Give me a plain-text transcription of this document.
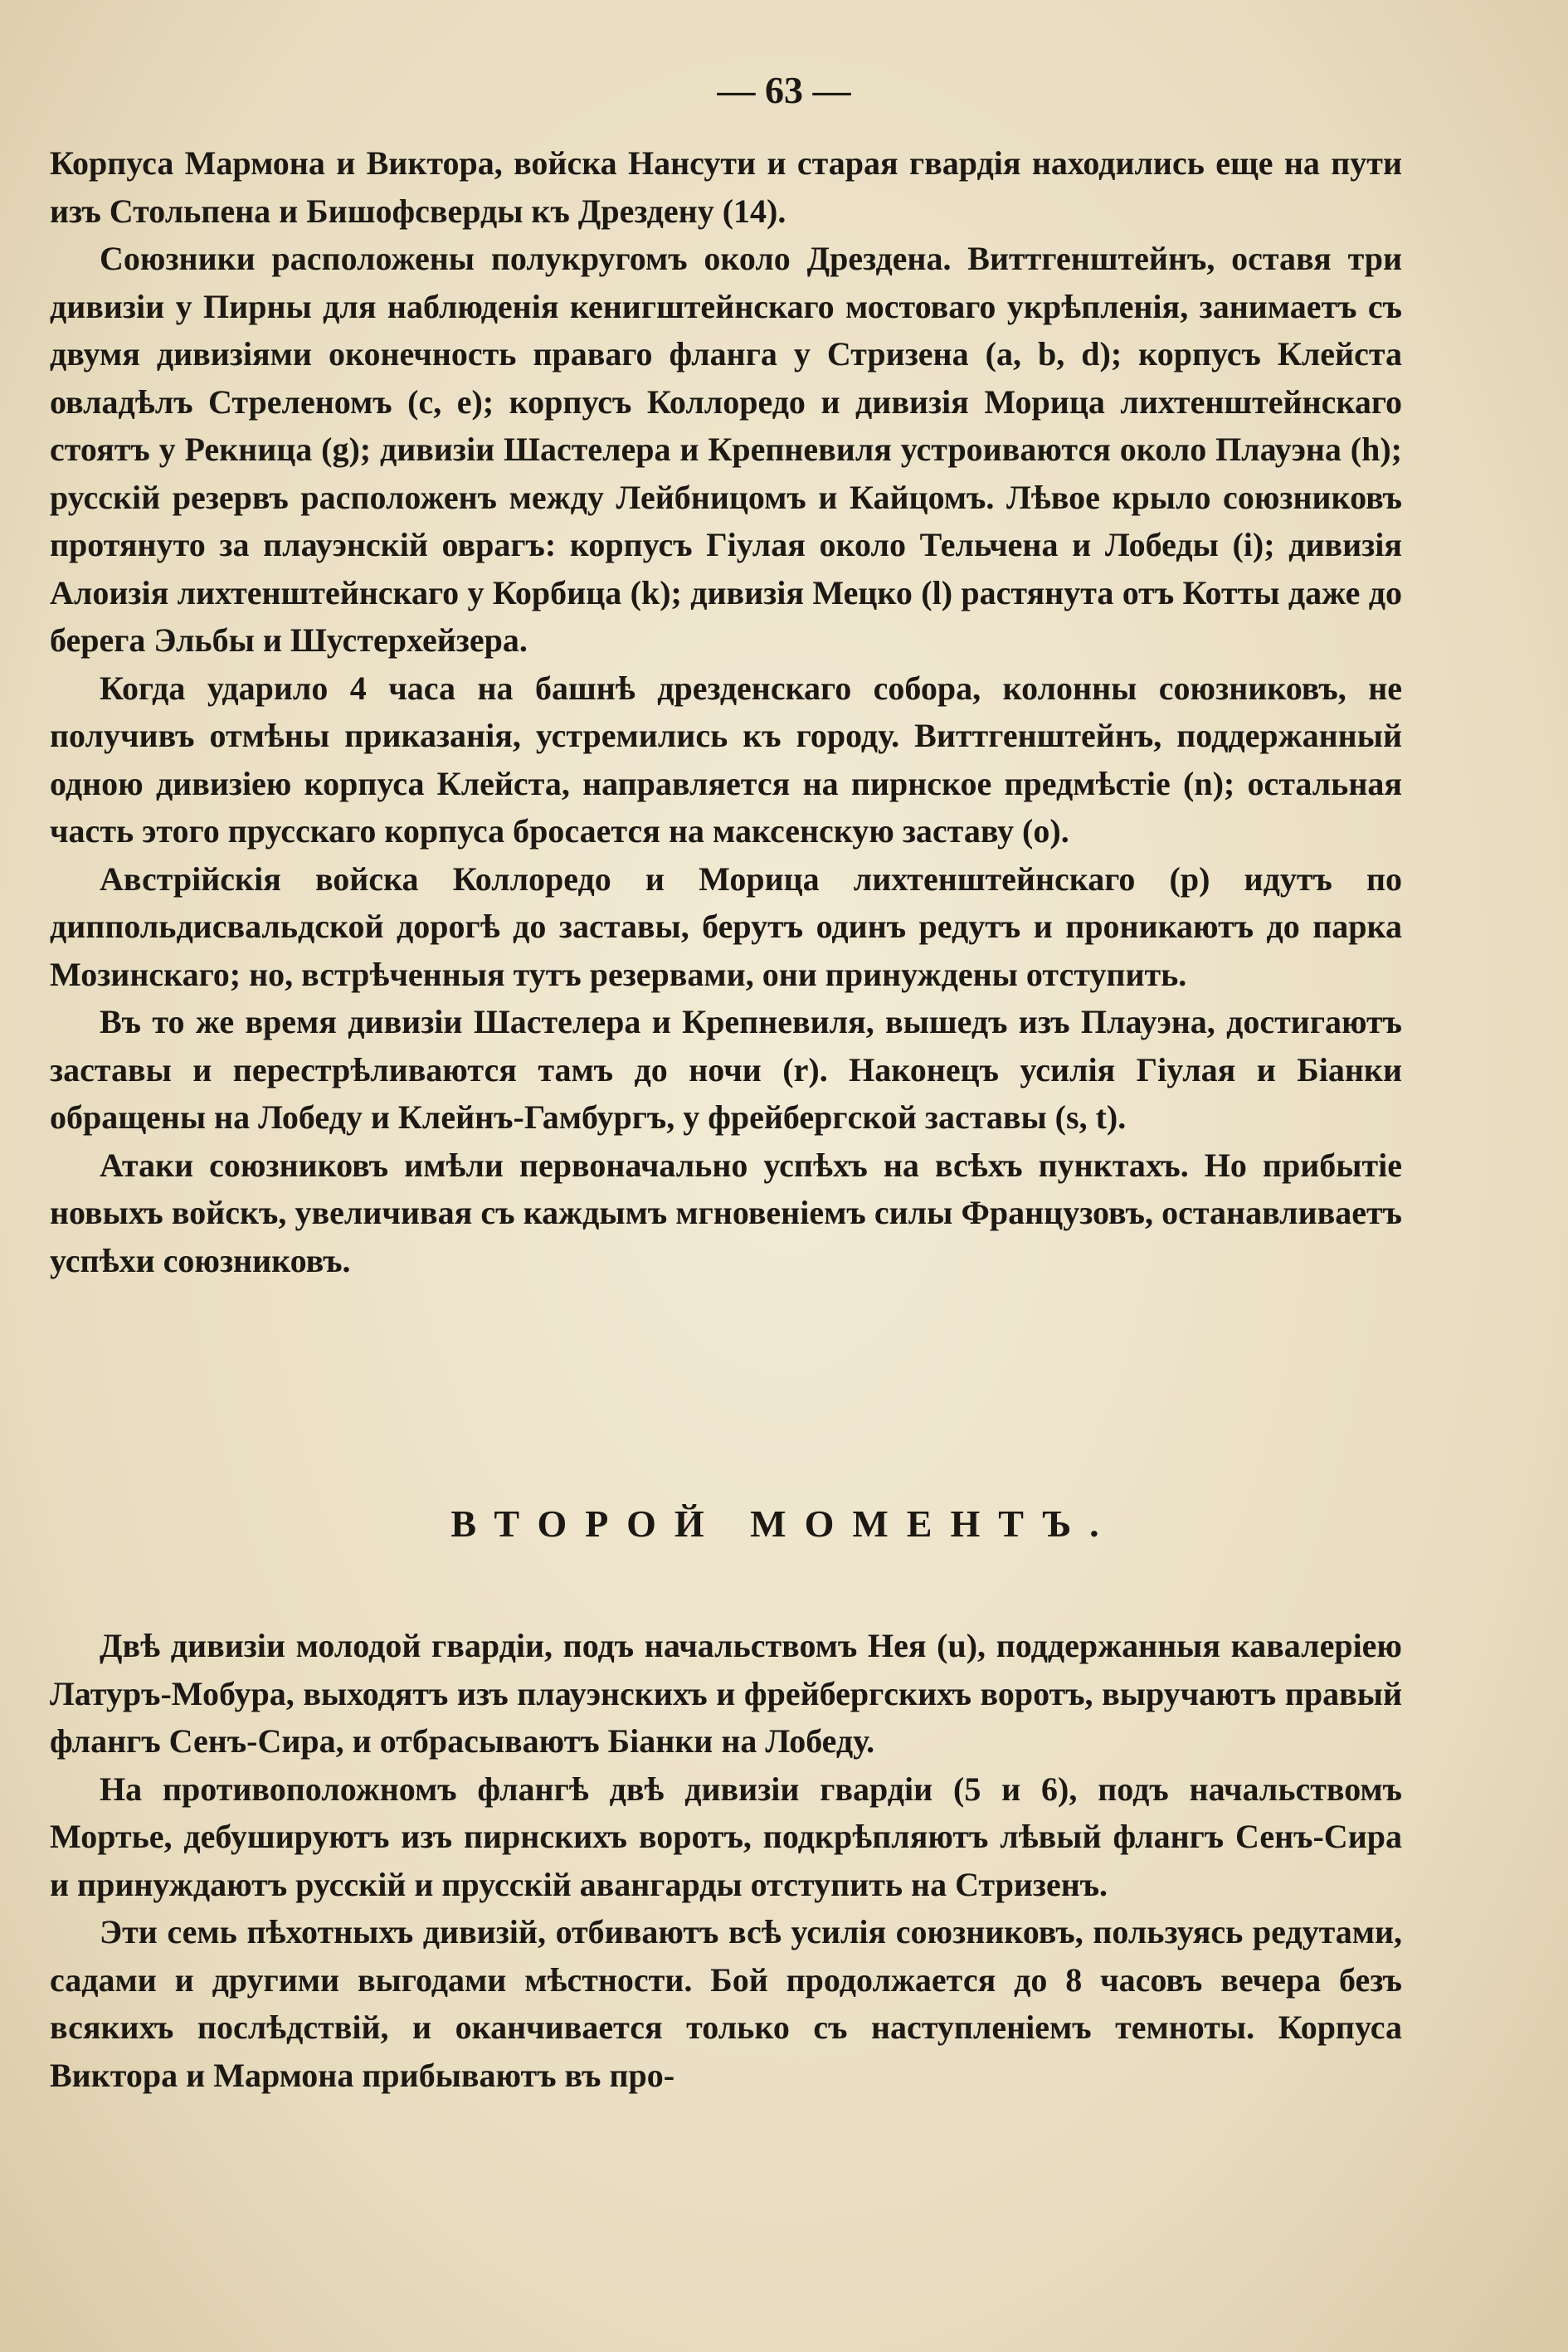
— 63 —

Корпуса Мармона и Виктора, войска Нансути и старая гвардія находились еще на пути изъ Стольпена и Бишофсверды къ Дрездену (14).

Союзники расположены полукругомъ около Дрездена. Виттгенштейнъ, оставя три дивизіи у Пирны для наблюденія кенигштейнскаго мостоваго укрѣпленія, занимаетъ съ двумя дивизіями оконечность праваго фланга у Стризена (a, b, d); корпусъ Клейста овладѣлъ Стреленомъ (c, e); корпусъ Коллоредо и дивизія Морица лихтенштейнскаго стоятъ у Рекница (g); дивизіи Шастелера и Крепневиля устроиваются около Плауэна (h); русскій резервъ расположенъ между Лейбницомъ и Кайцомъ. Лѣвое крыло союзниковъ протянуто за плауэнскій оврагъ: корпусъ Гіулая около Тельчена и Лобеды (i); дивизія Алоизія лихтенштейнскаго у Корбица (k); дивизія Мецко (l) растянута отъ Котты даже до берега Эльбы и Шустерхейзера.

Когда ударило 4 часа на башнѣ дрезденскаго собора, колонны союзниковъ, не получивъ отмѣны приказанія, устремились къ городу. Виттгенштейнъ, поддержанный одною дивизіею корпуса Клейста, направляется на пирнское предмѣстіе (n); остальная часть этого прусскаго корпуса бросается на максенскую заставу (o).

Австрійскія войска Коллоредо и Морица лихтенштейнскаго (p) идутъ по диппольдисвальдской дорогѣ до заставы, берутъ одинъ редутъ и проникаютъ до парка Мозинскаго; но, встрѣченныя тутъ резервами, они принуждены отступить.

Въ то же время дивизіи Шастелера и Крепневиля, вышедъ изъ Плауэна, достигаютъ заставы и перестрѣливаются тамъ до ночи (r). Наконецъ усилія Гіулая и Біанки обращены на Лобеду и Клейнъ-Гамбургъ, у фрейбергской заставы (s, t).

Атаки союзниковъ имѣли первоначально успѣхъ на всѣхъ пунктахъ. Но прибытіе новыхъ войскъ, увеличивая съ каждымъ мгновеніемъ силы Французовъ, останавливаетъ успѣхи союзниковъ.

ВТОРОЙ МОМЕНТЪ.

Двѣ дивизіи молодой гвардіи, подъ начальствомъ Нея (u), поддержанныя кавалеріею Латуръ-Мобура, выходятъ изъ плауэнскихъ и фрейбергскихъ воротъ, выручаютъ правый флангъ Сенъ-Сира, и отбрасываютъ Біанки на Лобеду.

На противоположномъ флангѣ двѣ дивизіи гвардіи (5 и 6), подъ начальствомъ Мортье, дебушируютъ изъ пирнскихъ воротъ, подкрѣпляютъ лѣвый флангъ Сенъ-Сира и принуждаютъ русскій и прусскій авангарды отступить на Стризенъ.

Эти семь пѣхотныхъ дивизій, отбиваютъ всѣ усилія союзниковъ, пользуясь редутами, садами и другими выгодами мѣстности. Бой продолжается до 8 часовъ вечера безъ всякихъ послѣдствій, и оканчивается только съ наступленіемъ темноты. Корпуса Виктора и Мармона прибываютъ въ про-
